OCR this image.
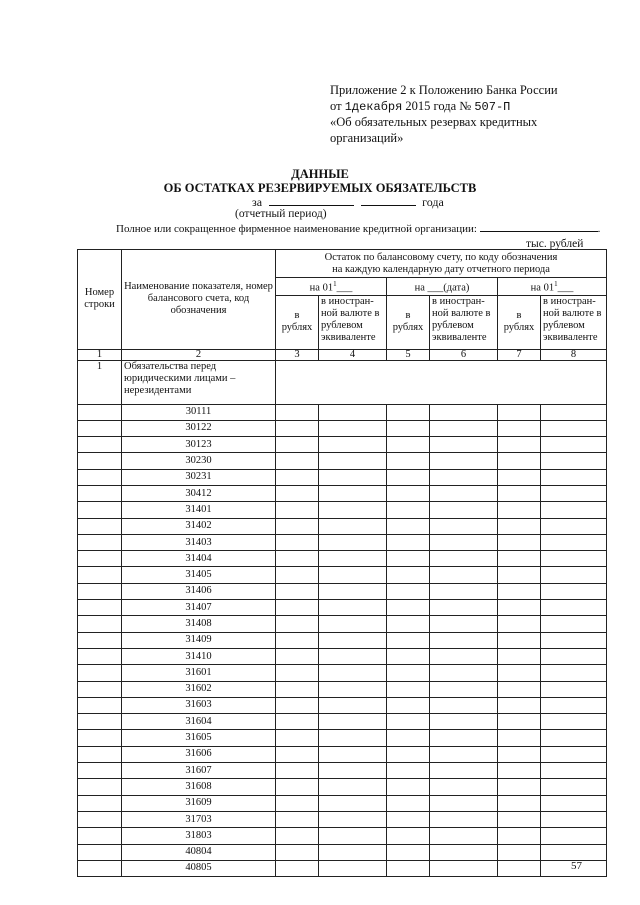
Приложение 2 к Положению Банка России
от 1декабря 2015 года № 507-П
«Об обязательных резервах кредитных
организаций»
ДАННЫЕ
ОБ ОСТАТКАХ РЕЗЕРВИРУЕМЫХ ОБЯЗАТЕЛЬСТВ
за	года
(отчетный период)
Полное или сокращенное фирменное наименование кредитной организации:	.
тыс. рублей
Номер строки	Наименование показателя, номер балансового счета, код обозначения	Остаток по балансовому счету, по коду обозначения
на каждую календарную дату отчетного периода					

		на $01^1\_\_\_$		на ___(дата)		на $01^1\_\_\_$	
		в рублях	в иностран-ной валюте в рублевом эквиваленте	в рублях	в иностран-ной валюте в рублевом эквиваленте	в рублях	в иностран-ной валюте в рублевом эквиваленте
1	2	3	4	5	6	7	8
1	Обязательства перед юридическими лицами – нерезидентами						
	30111						
	30122						
	30123						
	30230						
	30231						
	30412						
	31401						
	31402						
	31403						
	31404						
	31405						
	31406						
	31407						
	31408						
	31409						
	31410						
	31601						
	31602						
	31603						
	31604						
	31605						
	31606						
	31607						
	31608						
	31609						
	31703						
	31803						
	40804						
	40805							57
